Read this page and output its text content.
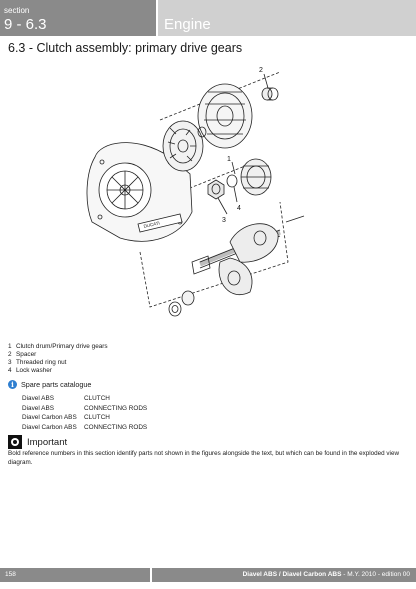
section
9 - 6.3	Engine
6.3 - Clutch assembly: primary drive gears
2
1
4
3
DUCATI
1 Clutch drum/Primary drive gears
2 Spacer
3 Threaded ring nut
4 Lock washer
i Spare parts catalogue
Diavel ABS	CLUTCH
Diavel ABS	CONNECTING RODS
Diavel Carbon ABS	CLUTCH
Diavel Carbon ABS	CONNECTING RODS
Important
Bold reference numbers in this section identify parts not shown in the figures alongside the text, but which can be found in the exploded view diagram.
158	Diavel ABS / Diavel Carbon ABS - M.Y. 2010 - edition 00
